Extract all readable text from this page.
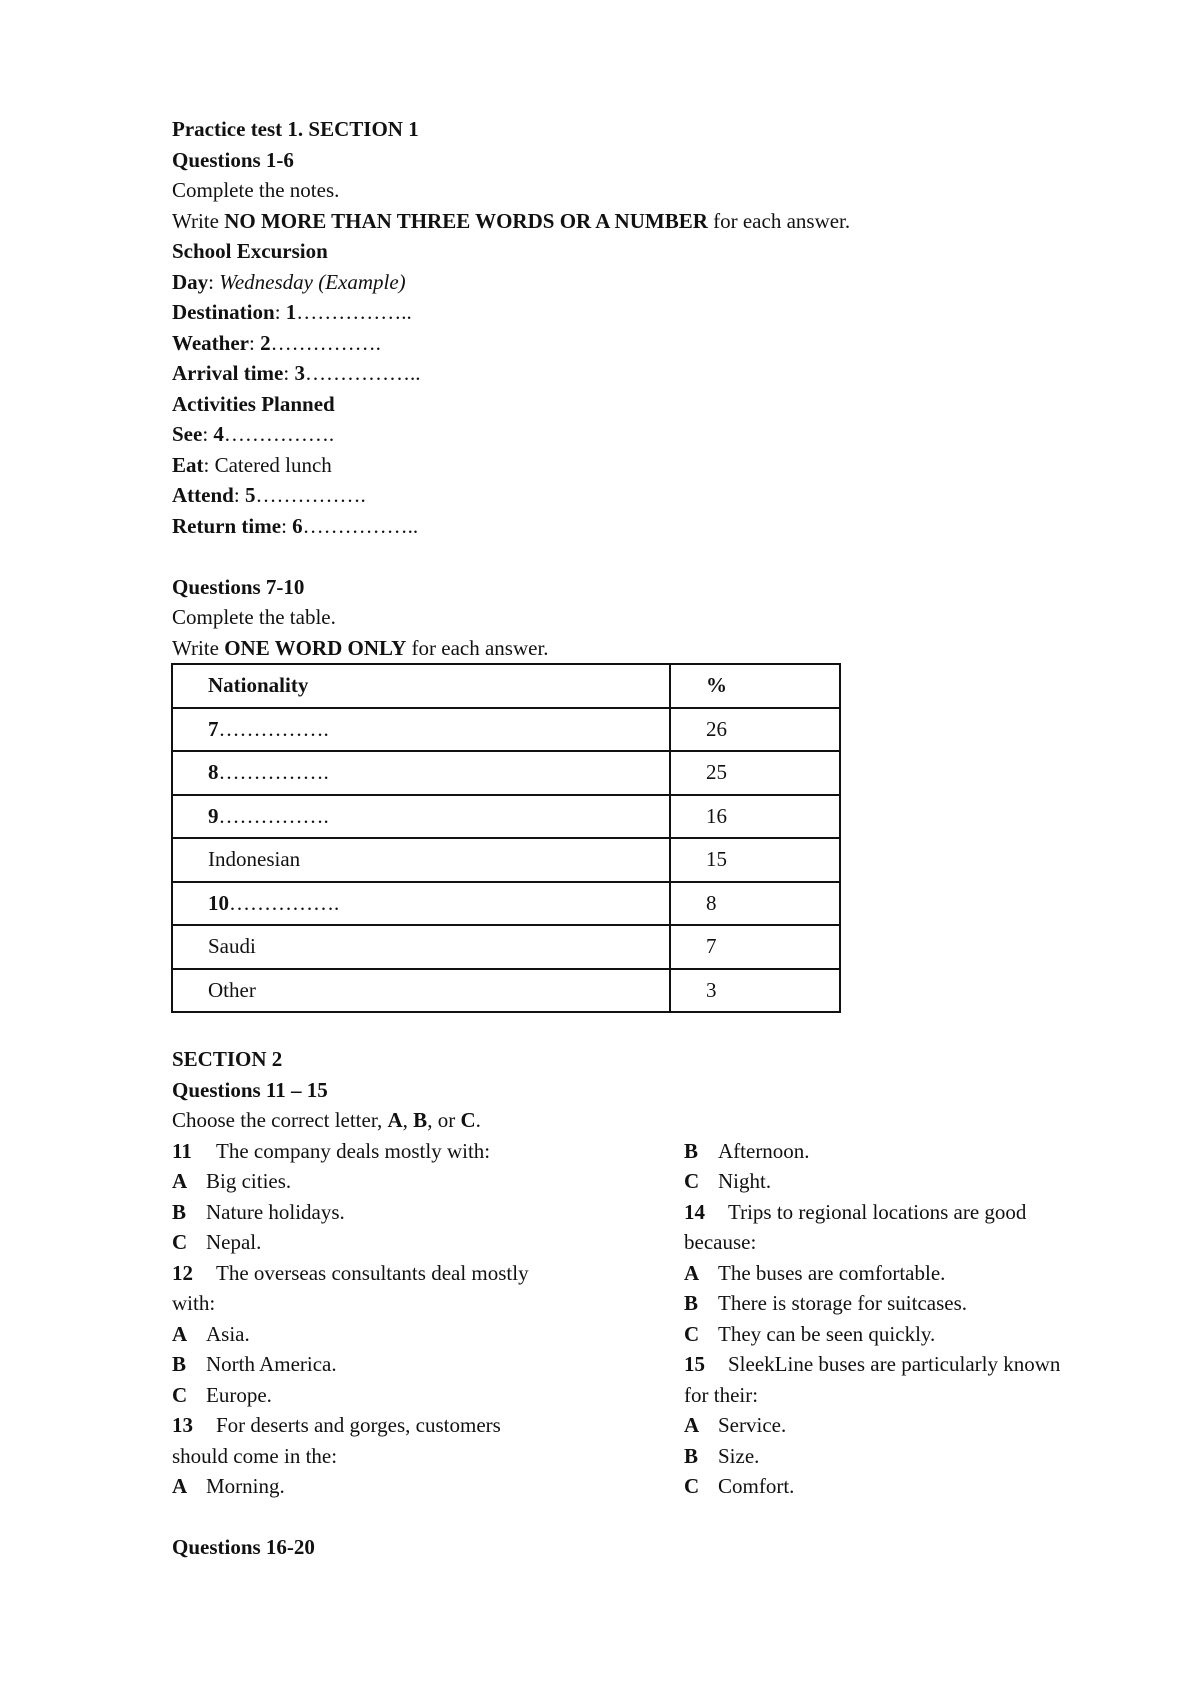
Practice test 1. SECTION 1
Questions 1-6
Complete the notes.
Write NO MORE THAN THREE WORDS OR A NUMBER for each answer.
School Excursion
Day: Wednesday (Example)
Destination: 1……………..
Weather: 2…………….
Arrival time: 3……………..
Activities Planned
See: 4…………….
Eat: Catered lunch
Attend: 5…………….
Return time: 6……………..
Questions 7-10
Complete the table.
Write ONE WORD ONLY for each answer.
Nationality	%
7…………….	26
8…………….	25
9…………….	16
Indonesian	15
10…………….	8
Saudi	7
Other	3
SECTION 2
Questions 11 – 15
Choose the correct letter, A, B, or C.
11 The company deals mostly with:
A Big cities.
B Nature holidays.
C Nepal.
12 The overseas consultants deal mostly
with:
A Asia.
B North America.
C Europe.
13 For deserts and gorges, customers
should come in the:
A Morning.
B Afternoon.
C Night.
14 Trips to regional locations are good
because:
A The buses are comfortable.
B There is storage for suitcases.
C They can be seen quickly.
15 SleekLine buses are particularly known
for their:
A Service.
B Size.
C Comfort.
Questions 16-20
